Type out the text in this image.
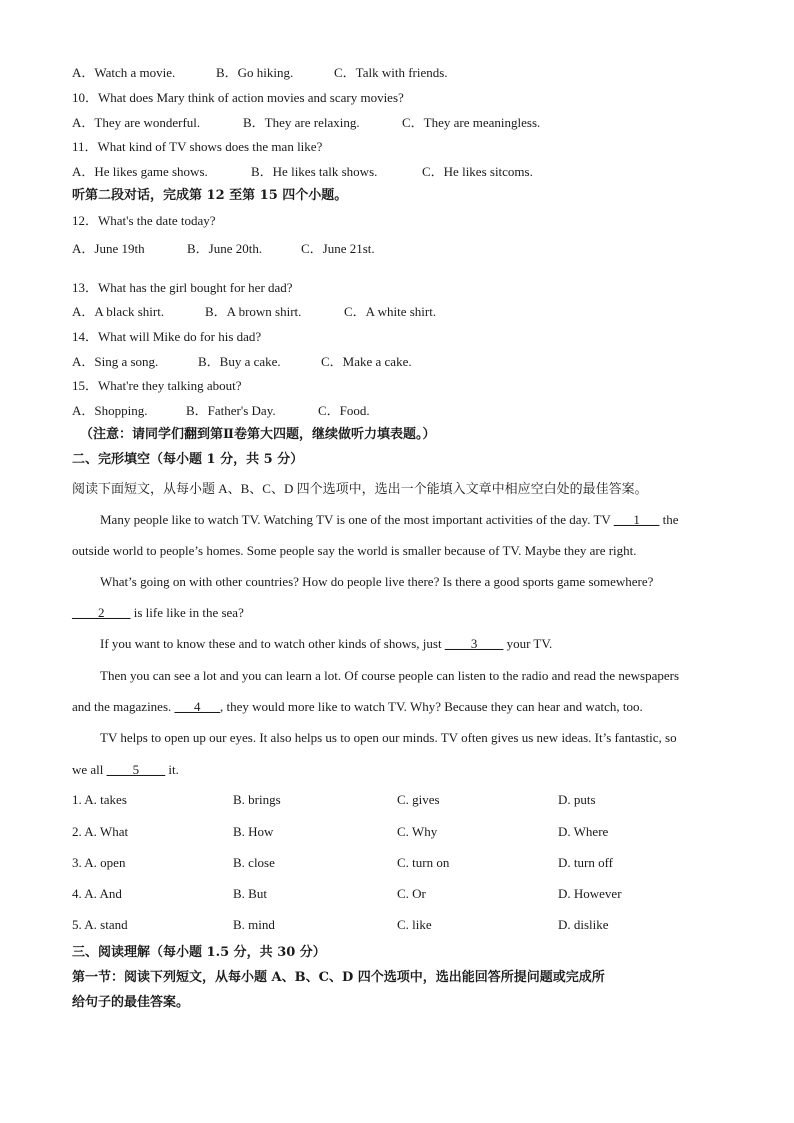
A．Watch a movie.	B．Go hiking.	C．Talk with friends.
10．What does Mary think of action movies and scary movies?
A．They are wonderful.	B．They are relaxing.	C．They are meaningless.
11．What kind of TV shows does the man like?
A．He likes game shows.	B．He likes talk shows.	C．He likes sitcoms.
听第二段对话，完成第 12 至第 15 四个小题。
12．What's the date today?
A．June 19th	B．June 20th.	C．June 21st.
13．What has the girl bought for her dad?
A．A black shirt.	B．A brown shirt.	C．A white shirt.
14．What will Mike do for his dad?
A．Sing a song.	B．Buy a cake.	C．Make a cake.
15．What're they talking about?
A．Shopping.	B．Father's Day.	C．Food.
（注意：请同学们翻到第Ⅱ卷第大四题，继续做听力填表题。）
二、完形填空（每小题 1 分，共 5 分）
阅读下面短文，从每小题 A、B、C、D 四个选项中，选出一个能填入文章中相应空白处的最佳答案。
Many people like to watch TV. Watching TV is one of the most important activities of the day. TV ___1___ the
outside world to people’s homes. Some people say the world is smaller because of TV. Maybe they are right.
What’s going on with other countries? How do people live there? Is there a good sports game somewhere?
____2____ is life like in the sea?
If you want to know these and to watch other kinds of shows, just ____3____ your TV.
Then you can see a lot and you can learn a lot. Of course people can listen to the radio and read the newspapers
and the magazines. ___4___, they would more like to watch TV. Why? Because they can hear and watch, too.
TV helps to open up our eyes. It also helps us to open our minds. TV often gives us new ideas. It’s fantastic, so
we all ____5____ it.
1. A. takes	B. brings	C. gives	D. puts
2. A. What	B. How	C. Why	D. Where
3. A. open	B. close	C. turn on	D. turn off
4. A. And	B. But	C. Or	D. However
5. A. stand	B. mind	C. like	D. dislike
三、阅读理解（每小题 1.5 分，共 30 分）
第一节：阅读下列短文，从每小题 A、B、C、D 四个选项中，选出能回答所提问题或完成所
给句子的最佳答案。
